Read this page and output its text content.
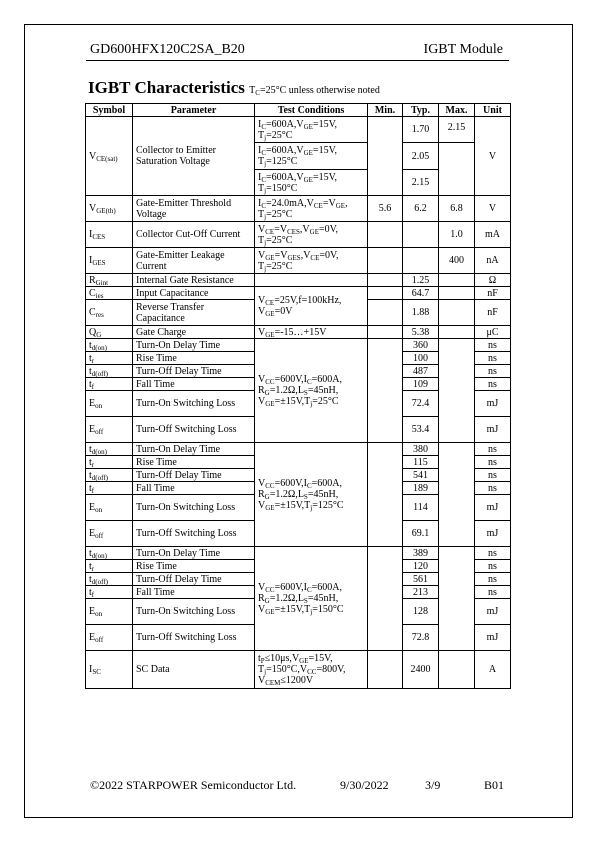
GD600HFX120C2SA_B20	IGBT Module
IGBT Characteristics $T_C=25^\circ C$ unless otherwise noted
Symbol	Parameter	Test Conditions	Min.	Typ.	Max.	Unit
$V_{CE(sat)}$	Collector to Emitter Saturation Voltage	$I_C=600A,V_{GE}=15V$, $T_j=25^\circ C$		1.70	2.15	V
		$I_C=600A,V_{GE}=15V$, $T_j=125^\circ C$		2.05		
		$I_C=600A,V_{GE}=15V$, $T_j=150^\circ C$		2.15		
$V_{GE(th)}$	Gate-Emitter Threshold Voltage	$I_C=24.0mA,V_{CE}=V_{GE}$, $T_j=25^\circ C$	5.6	6.2	6.8	V
$I_{CES}$	Collector Cut-Off Current	$V_{CE}=V_{CES},V_{GE}=0V$, $T_j=25^\circ C$			1.0	mA
$I_{GES}$	Gate-Emitter Leakage Current	$V_{GE}=V_{GES},V_{CE}=0V$, $T_j=25^\circ C$			400	nA
$R_{Gint}$	Internal Gate Resistance			1.25		Ω
$C_{ies}$	Input Capacitance	$V_{CE}=25V,f=100kHz$, $V_{GE}=0V$		64.7		nF
$C_{res}$	Reverse Transfer Capacitance			1.88		nF
$Q_G$	Gate Charge	$V_{GE}=-15\dots+15V$		5.38		μC
$t_{d(on)}$	Turn-On Delay Time	$V_{CC}=600V,I_C=600A$, $R_G=1.2\Omega,L_S=45nH$, $V_{GE}=\pm 15V,T_j=25^\circ C$		360		ns
$t_r$	Rise Time			100		ns
$t_{d(off)}$	Turn-Off Delay Time			487		ns
$t_f$	Fall Time			109		ns
$E_{on}$	Turn-On Switching Loss			72.4		mJ
$E_{off}$	Turn-Off Switching Loss			53.4		mJ
$t_{d(on)}$	Turn-On Delay Time	$V_{CC}=600V,I_C=600A$, $R_G=1.2\Omega,L_S=45nH$, $V_{GE}=\pm 15V,T_j=125^\circ C$		380		ns
$t_r$	Rise Time			115		ns
$t_{d(off)}$	Turn-Off Delay Time			541		ns
$t_f$	Fall Time			189		ns
$E_{on}$	Turn-On Switching Loss			114		mJ
$E_{off}$	Turn-Off Switching Loss			69.1		mJ
$t_{d(on)}$	Turn-On Delay Time	$V_{CC}=600V,I_C=600A$, $R_G=1.2\Omega,L_S=45nH$, $V_{GE}=\pm 15V,T_j=150^\circ C$		389		ns
$t_r$	Rise Time			120		ns
$t_{d(off)}$	Turn-Off Delay Time			561		ns
$t_f$	Fall Time			213		ns
$E_{on}$	Turn-On Switching Loss			128		mJ
$E_{off}$	Turn-Off Switching Loss			72.8		mJ
$I_{SC}$	SC Data	$t_P\le 10\mu s,V_{GE}=15V$, $T_j=150^\circ C,V_{CC}=800V$, $V_{CEM}\le 1200V$		2400		A
©2022 STARPOWER Semiconductor Ltd.	9/30/2022	3/9	B01
